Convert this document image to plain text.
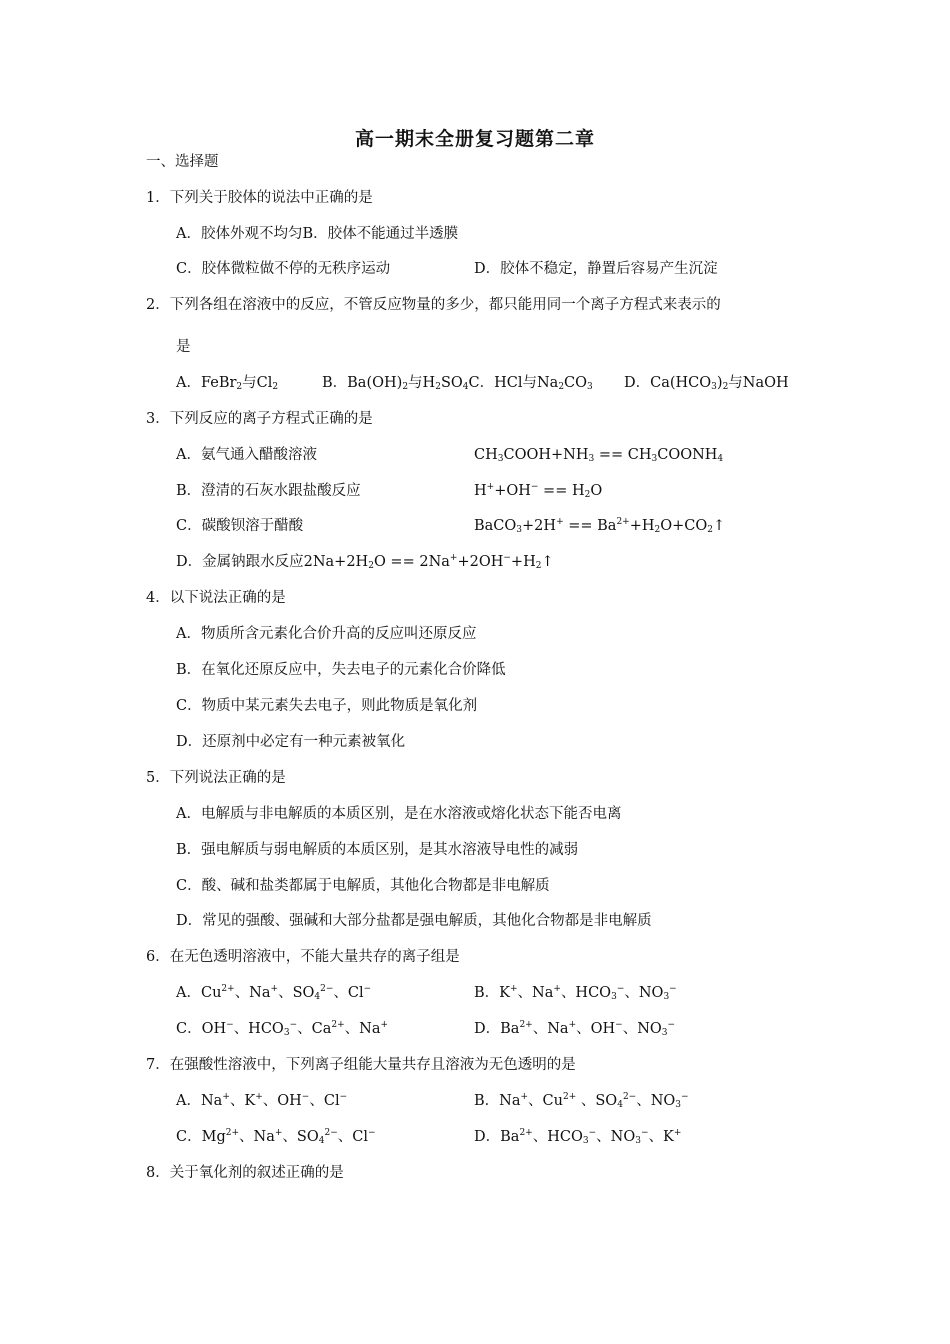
高一期末全册复习题第二章
一、选择题
1．下列关于胶体的说法中正确的是
A．胶体外观不均匀B．胶体不能通过半透膜
C．胶体微粒做不停的无秩序运动	D．胶体不稳定，静置后容易产生沉淀
2．下列各组在溶液中的反应，不管反应物量的多少，都只能用同一个离子方程式来表示的
是
A．FeBr$_2$与$Cl_2$	B．$Ba(OH)_2$与$H_2SO_4C$．HCl与$Na_2CO_3$ D．$Ca(HCO_3)_2$与NaOH
3．下列反应的离子方程式正确的是
A．氨气通入醋酸溶液	$CH_3COOH+NH_3$ == $CH_3COONH_4$
B．澄清的石灰水跟盐酸反应	$H^++OH^- == H_2O$
C．碳酸钡溶于醋酸	BaCO$_3$+2H+ == $Ba^{2+}+H_2O+CO_2↑$
D．金属钠跟水反应$2Na+2H_2O$ == $2Na^++2OH^-+H_2↑$
4．以下说法正确的是
A．物质所含元素化合价升高的反应叫还原反应
B．在氧化还原反应中，失去电子的元素化合价降低
C．物质中某元素失去电子，则此物质是氧化剂
D．还原剂中必定有一种元素被氧化
5．下列说法正确的是
A．电解质与非电解质的本质区别，是在水溶液或熔化状态下能否电离
B．强电解质与弱电解质的本质区别，是其水溶液导电性的减弱
C．酸、碱和盐类都属于电解质，其他化合物都是非电解质
D．常见的强酸、强碱和大部分盐都是强电解质，其他化合物都是非电解质
6．在无色透明溶液中，不能大量共存的离子组是
A．$Cu^{2+}$、Na+、$SO_4^{2-}$、Cl−	B．K+、Na+、$HCO_3^-$、$NO_3^-$
C．OH−、$HCO_3^-$、$Ca^{2+}$、Na+	D．$Ba^{2+}$、Na+、OH−、$NO_3^-$
7．在强酸性溶液中，下列离子组能大量共存且溶液为无色透明的是
A．Na+、K+、OH−、Cl−	B．Na+、$Cu^{2+}$ 、$SO_4^{2-}$、$NO_3^-$
C．$Mg^{2+}$、Na+、$SO_4^{2-}$、Cl−	D．$Ba^{2+}$、$HCO_3^-$、$NO_3^-$、K+
8．关于氧化剂的叙述正确的是
